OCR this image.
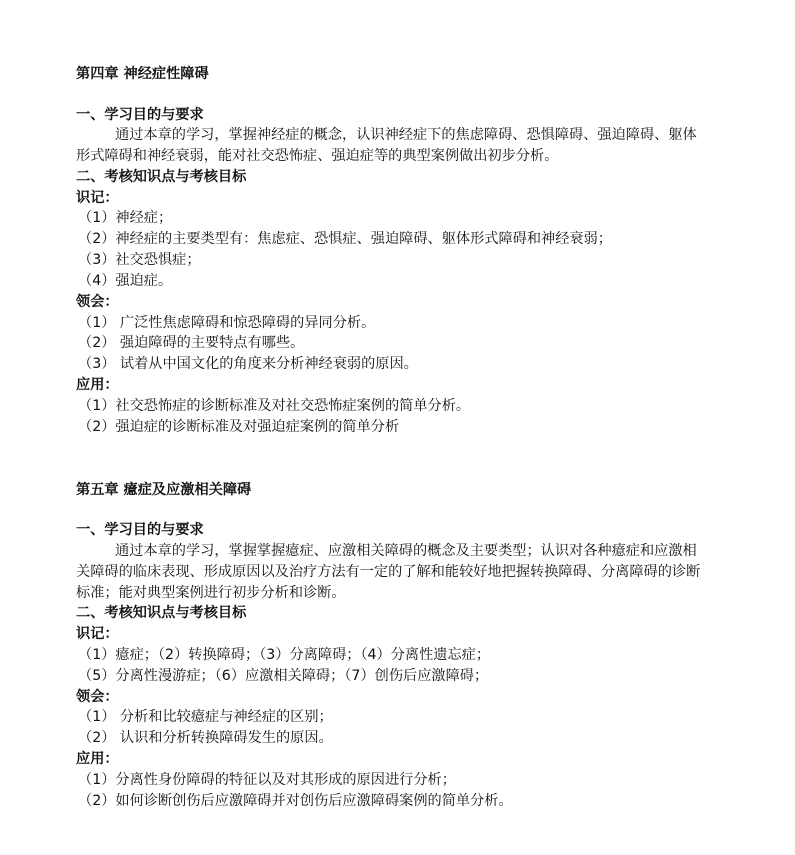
第四章 神经症性障碍
一、学习目的与要求
通过本章的学习，掌握神经症的概念，认识神经症下的焦虑障碍、恐惧障碍、强迫障碍、躯体
形式障碍和神经衰弱，能对社交恐怖症、强迫症等的典型案例做出初步分析。
二、考核知识点与考核目标
识记：
（1）神经症；
（2）神经症的主要类型有：焦虑症、恐惧症、强迫障碍、躯体形式障碍和神经衰弱；
（3）社交恐惧症；
（4）强迫症。
领会：
（1） 广泛性焦虑障碍和惊恐障碍的异同分析。
（2） 强迫障碍的主要特点有哪些。
（3） 试着从中国文化的角度来分析神经衰弱的原因。
应用：
（1）社交恐怖症的诊断标准及对社交恐怖症案例的简单分析。
（2）强迫症的诊断标准及对强迫症案例的简单分析
第五章 癔症及应激相关障碍
一、学习目的与要求
通过本章的学习，掌握掌握癔症、应激相关障碍的概念及主要类型；认识对各种癔症和应激相
关障碍的临床表现、形成原因以及治疗方法有一定的了解和能较好地把握转换障碍、分离障碍的诊断
标准；能对典型案例进行初步分析和诊断。
二、考核知识点与考核目标
识记：
（1）癔症；（2）转换障碍；（3）分离障碍；（4）分离性遗忘症；
（5）分离性漫游症；（6）应激相关障碍；（7）创伤后应激障碍；
领会：
（1） 分析和比较癔症与神经症的区别；
（2） 认识和分析转换障碍发生的原因。
应用：
（1）分离性身份障碍的特征以及对其形成的原因进行分析；
（2）如何诊断创伤后应激障碍并对创伤后应激障碍案例的简单分析。
